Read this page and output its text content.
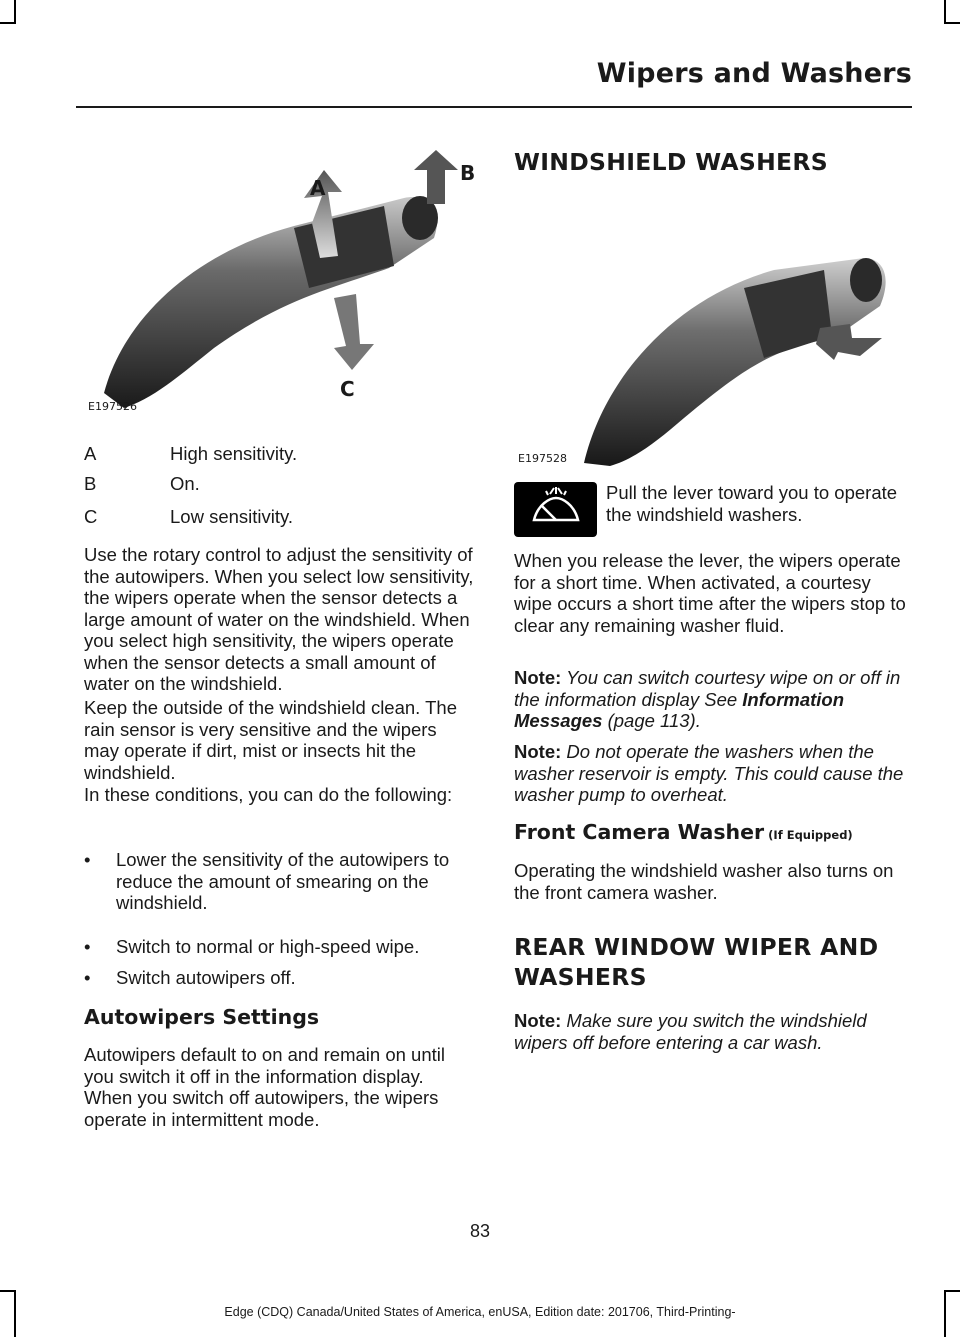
Wipers and Washers
A
B
C
E197526
A	High sensitivity.
B	On.
C	Low sensitivity.

Use the rotary control to adjust the sensitivity of the autowipers. When you select low sensitivity, the wipers operate when the sensor detects a large amount of water on the windshield. When you select high sensitivity, the wipers operate when the sensor detects a small amount of water on the windshield.

Keep the outside of the windshield clean. The rain sensor is very sensitive and the wipers may operate if dirt, mist or insects hit the windshield.

In these conditions, you can do the following:

• Lower the sensitivity of the autowipers to reduce the amount of smearing on the windshield.
• Switch to normal or high-speed wipe.
• Switch autowipers off.
Autowipers Settings

Autowipers default to on and remain on until you switch it off in the information display. When you switch off autowipers, the wipers operate in intermittent mode.

WINDSHIELD WASHERS
E197528

Pull the lever toward you to operate the windshield washers.

When you release the lever, the wipers operate for a short time. When activated, a courtesy wipe occurs a short time after the wipers stop to clear any remaining washer fluid.

Note: You can switch courtesy wipe on or off in the information display See Information Messages (page 113).

Note: Do not operate the washers when the washer reservoir is empty. This could cause the washer pump to overheat.

Front Camera Washer (If Equipped)

Operating the windshield washer also turns on the front camera washer.

REAR WINDOW WIPER AND
WASHERS

Note: Make sure you switch the windshield wipers off before entering a car wash.

83
Edge (CDQ) Canada/United States of America, enUSA, Edition date: 201706, Third-Printing-
